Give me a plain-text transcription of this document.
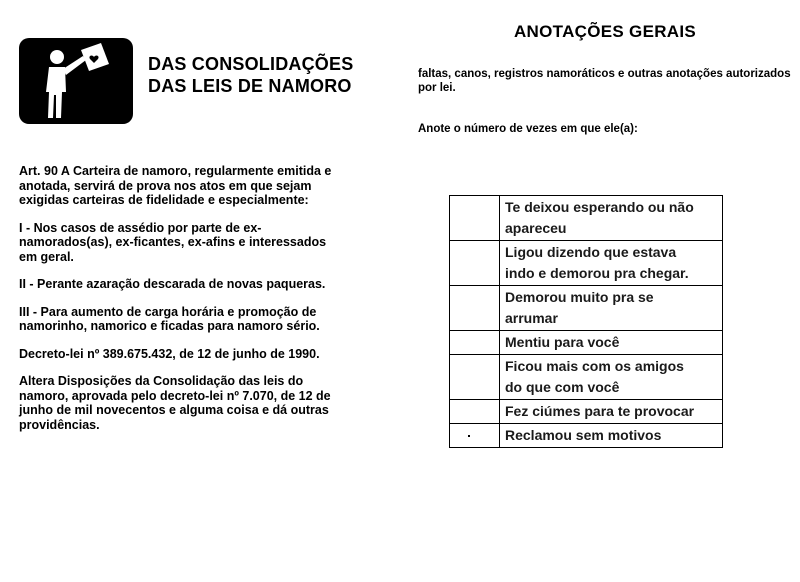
DAS CONSOLIDAÇÕES
DAS LEIS DE NAMORO

Art. 90 A Carteira de namoro, regularmente emitida e
anotada, servirá de prova nos atos em que sejam
exigidas carteiras de fidelidade e especialmente:

I - Nos casos de assédio por parte de ex-
namorados(as), ex-ficantes, ex-afins e interessados
em geral.

II - Perante azaração descarada de novas paqueras.

III - Para aumento de carga horária e promoção de
namorinho, namorico e ficadas para namoro sério.

Decreto-lei nº 389.675.432, de 12 de junho de 1990.

Altera Disposições da Consolidação das leis do
namoro, aprovada pelo decreto-lei nº 7.070, de 12 de
junho de mil novecentos e alguma coisa e dá outras
providências.

ANOTAÇÕES GERAIS

faltas, canos, registros namoráticos e outras anotações autorizados por lei.

Anote o número de vezes em que ele(a):

	Te deixou esperando ou não
apareceu
	Ligou dizendo que estava
indo e demorou pra chegar.
	Demorou muito pra se
arrumar
	Mentiu para você
	Ficou mais com os amigos
do que com você
	Fez ciúmes para te provocar
	Reclamou sem motivos
